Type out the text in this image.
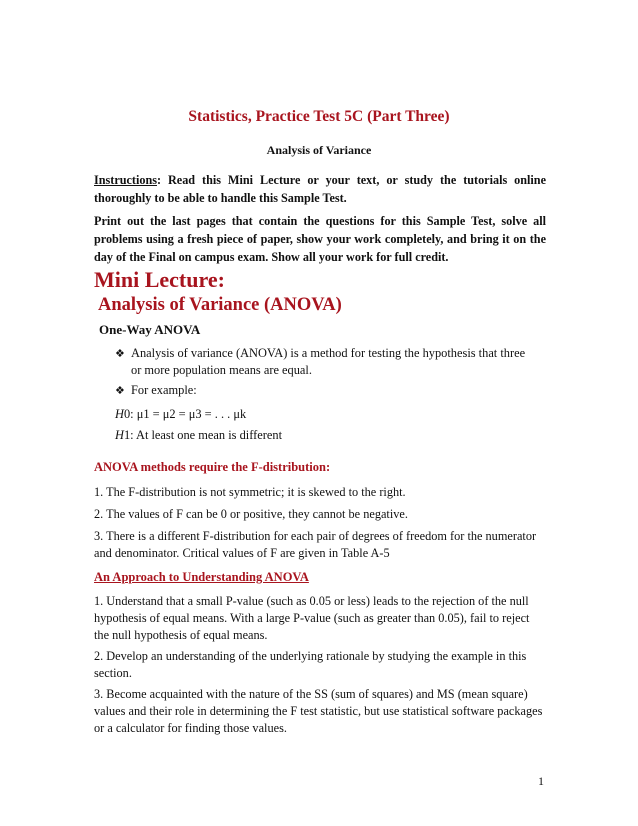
Statistics, Practice Test 5C (Part Three)
Analysis of Variance
Instructions: Read this Mini Lecture or your text, or study the tutorials online thoroughly to be able to handle this Sample Test.
Print out the last pages that contain the questions for this Sample Test, solve all problems using a fresh piece of paper, show your work completely, and bring it on the day of the Final on campus exam. Show all your work for full credit.
Mini Lecture:
Analysis of Variance (ANOVA)
One-Way ANOVA
❖ Analysis of variance (ANOVA) is a method for testing the hypothesis that three or more population means are equal.
❖ For example:
H0: μ1 = μ2 = μ3 = . . . μk
H1: At least one mean is different
ANOVA methods require the F-distribution:
1. The F-distribution is not symmetric; it is skewed to the right.
2. The values of F can be 0 or positive, they cannot be negative.
3. There is a different F-distribution for each pair of degrees of freedom for the numerator and denominator. Critical values of F are given in Table A-5
An Approach to Understanding ANOVA
1. Understand that a small P-value (such as 0.05 or less) leads to the rejection of the null hypothesis of equal means. With a large P-value (such as greater than 0.05), fail to reject the null hypothesis of equal means.
2. Develop an understanding of the underlying rationale by studying the example in this section.
3. Become acquainted with the nature of the SS (sum of squares) and MS (mean square) values and their role in determining the F test statistic, but use statistical software packages or a calculator for finding those values.
1
